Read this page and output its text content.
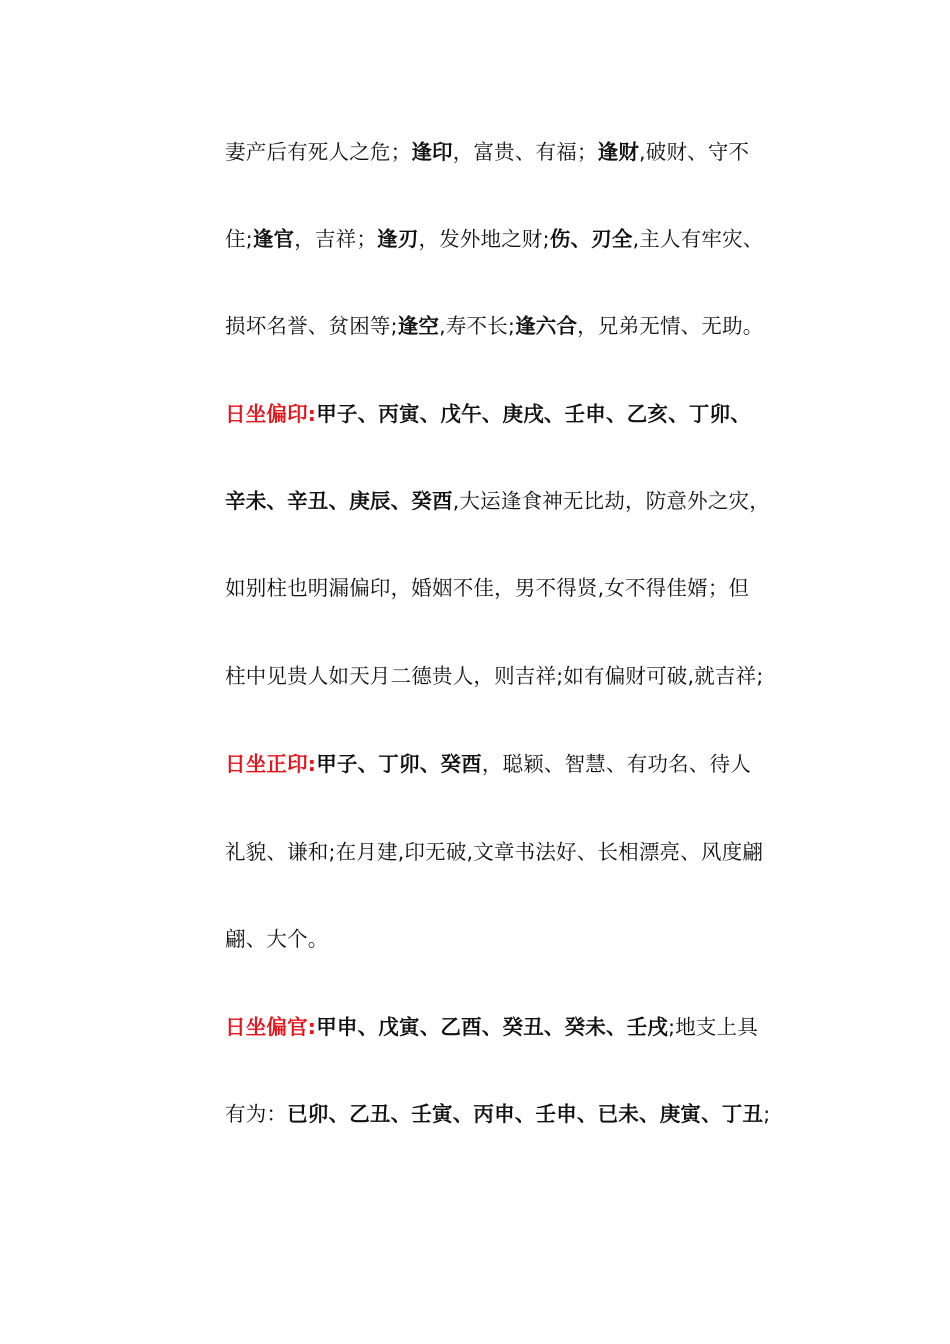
妻产后有死人之危；逢印，富贵、有福；逢财,破财、守不
住;逢官，吉祥；逢刃，发外地之财;伤、刃全,主人有牢灾、
损坏名誉、贫困等;逢空,寿不长;逢六合，兄弟无情、无助。
日坐偏印:甲子、丙寅、戊午、庚戌、壬申、乙亥、丁卯、
辛未、辛丑、庚辰、癸酉,大运逢食神无比劫，防意外之灾，
如别柱也明漏偏印，婚姻不佳，男不得贤,女不得佳婿；但
柱中见贵人如天月二德贵人，则吉祥;如有偏财可破,就吉祥;
日坐正印:甲子、丁卯、癸酉，聪颖、智慧、有功名、待人
礼貌、谦和;在月建,印无破,文章书法好、长相漂亮、风度翩
翩、大个。
日坐偏官:甲申、戊寅、乙酉、癸丑、癸未、壬戌;地支上具
有为：已卯、乙丑、壬寅、丙申、壬申、已未、庚寅、丁丑;
